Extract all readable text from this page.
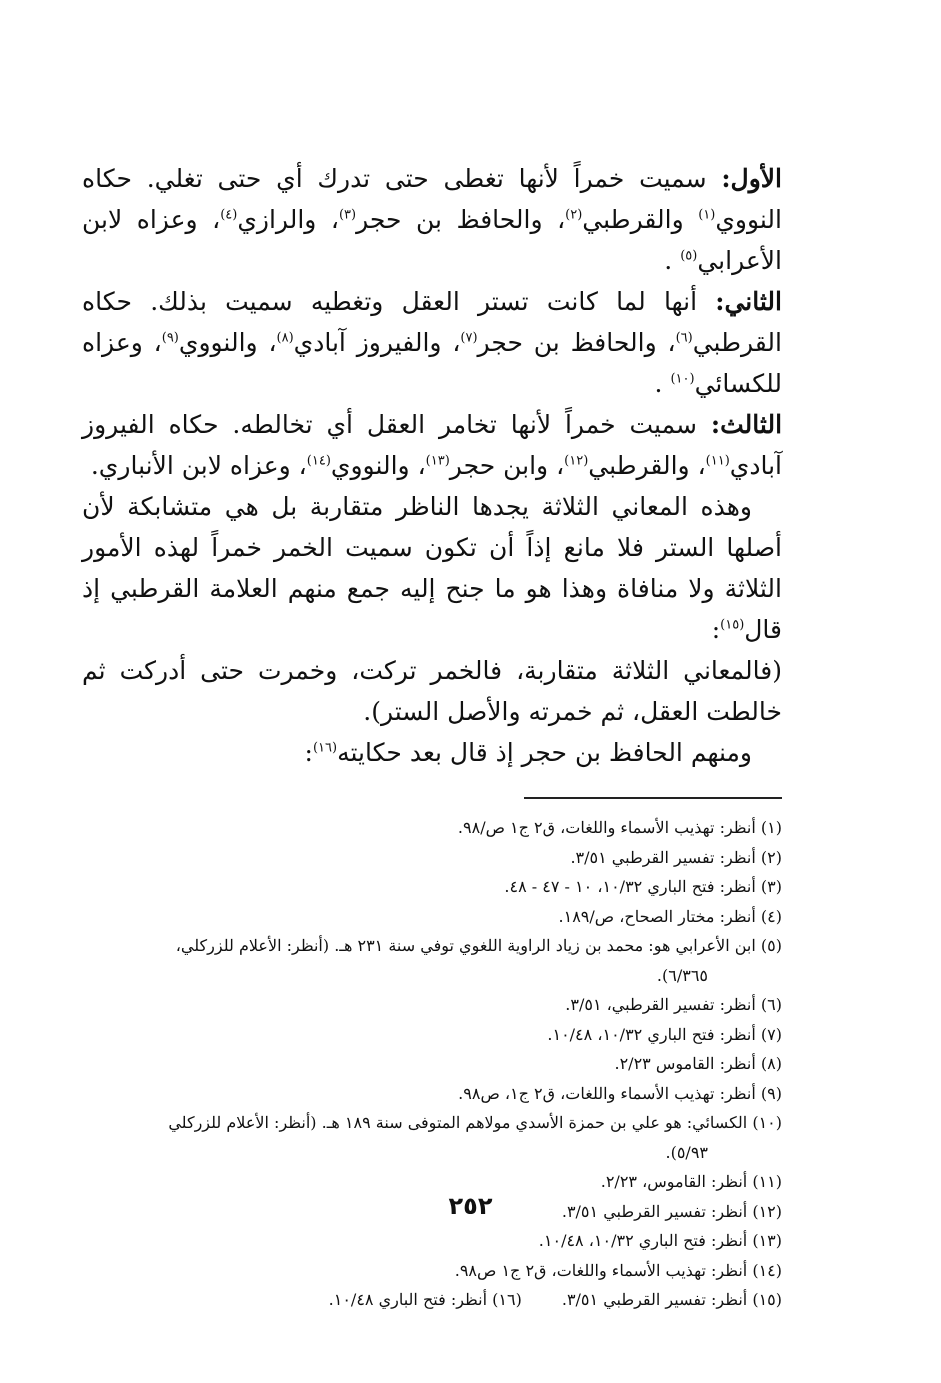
الأول: سميت خمراً لأنها تغطى حتى تدرك أي حتى تغلي. حكاه النووي$^{(١)}$ والقرطبي$^{(٢)}$، والحافظ بن حجر$^{(٣)}$، والرازي$^{(٤)}$، وعزاه لابن الأعرابي$^{(٥)}$ .

الثاني: أنها لما كانت تستر العقل وتغطيه سميت بذلك. حكاه القرطبي$^{(٦)}$، والحافظ بن حجر$^{(٧)}$، والفيروز آبادي$^{(٨)}$، والنووي$^{(٩)}$، وعزاه للكسائي$^{(١٠)}$ .

الثالث: سميت خمراً لأنها تخامر العقل أي تخالطه. حكاه الفيروز آبادي$^{(١١)}$، والقرطبي$^{(١٢)}$، وابن حجر$^{(١٣)}$، والنووي$^{(١٤)}$، وعزاه لابن الأنباري.

وهذه المعاني الثلاثة يجدها الناظر متقاربة بل هي متشابكة لأن أصلها الستر فلا مانع إذاً أن تكون سميت الخمر خمراً لهذه الأمور الثلاثة ولا منافاة وهذا هو ما جنح إليه جمع منهم العلامة القرطبي إذ قال$^{(١٥)}$:

(فالمعاني الثلاثة متقاربة، فالخمر تركت، وخمرت حتى أدركت ثم خالطت العقل، ثم خمرته والأصل الستر).

ومنهم الحافظ بن حجر إذ قال بعد حكايته$^{(١٦)}$:

(١) أنظر: تهذيب الأسماء واللغات، ق٢ ج١ ص/٩٨.

(٢) أنظر: تفسير القرطبي ٣/٥١.

(٣) أنظر: فتح الباري ١٠/٣٢، ١٠ - ٤٧ - ٤٨.

(٤) أنظر: مختار الصحاح، ص/١٨٩.

(٥) ابن الأعرابي هو: محمد بن زياد الراوية اللغوي توفي سنة ٢٣١ هـ. (أنظر: الأعلام للزركلي،

٦/٣٦٥).

(٦) أنظر: تفسير القرطبي، ٣/٥١.

(٧) أنظر: فتح الباري ١٠/٣٢، ١٠/٤٨.

(٨) أنظر: القاموس ٢/٢٣.

(٩) أنظر: تهذيب الأسماء واللغات، ق٢ ج١، ص٩٨.

(١٠) الكسائي: هو علي بن حمزة الأسدي مولاهم المتوفى سنة ١٨٩ هـ. (أنظر: الأعلام للزركلي

٥/٩٣).

(١١) أنظر: القاموس، ٢/٢٣.

(١٢) أنظر: تفسير القرطبي ٣/٥١.

(١٣) أنظر: فتح الباري ١٠/٣٢، ١٠/٤٨.

(١٤) أنظر: تهذيب الأسماء واللغات، ق٢ ج١ ص٩٨.

(١٥) أنظر: تفسير القرطبي ٣/٥١.
(١٦) أنظر: فتح الباري ١٠/٤٨.

٢٥٢
